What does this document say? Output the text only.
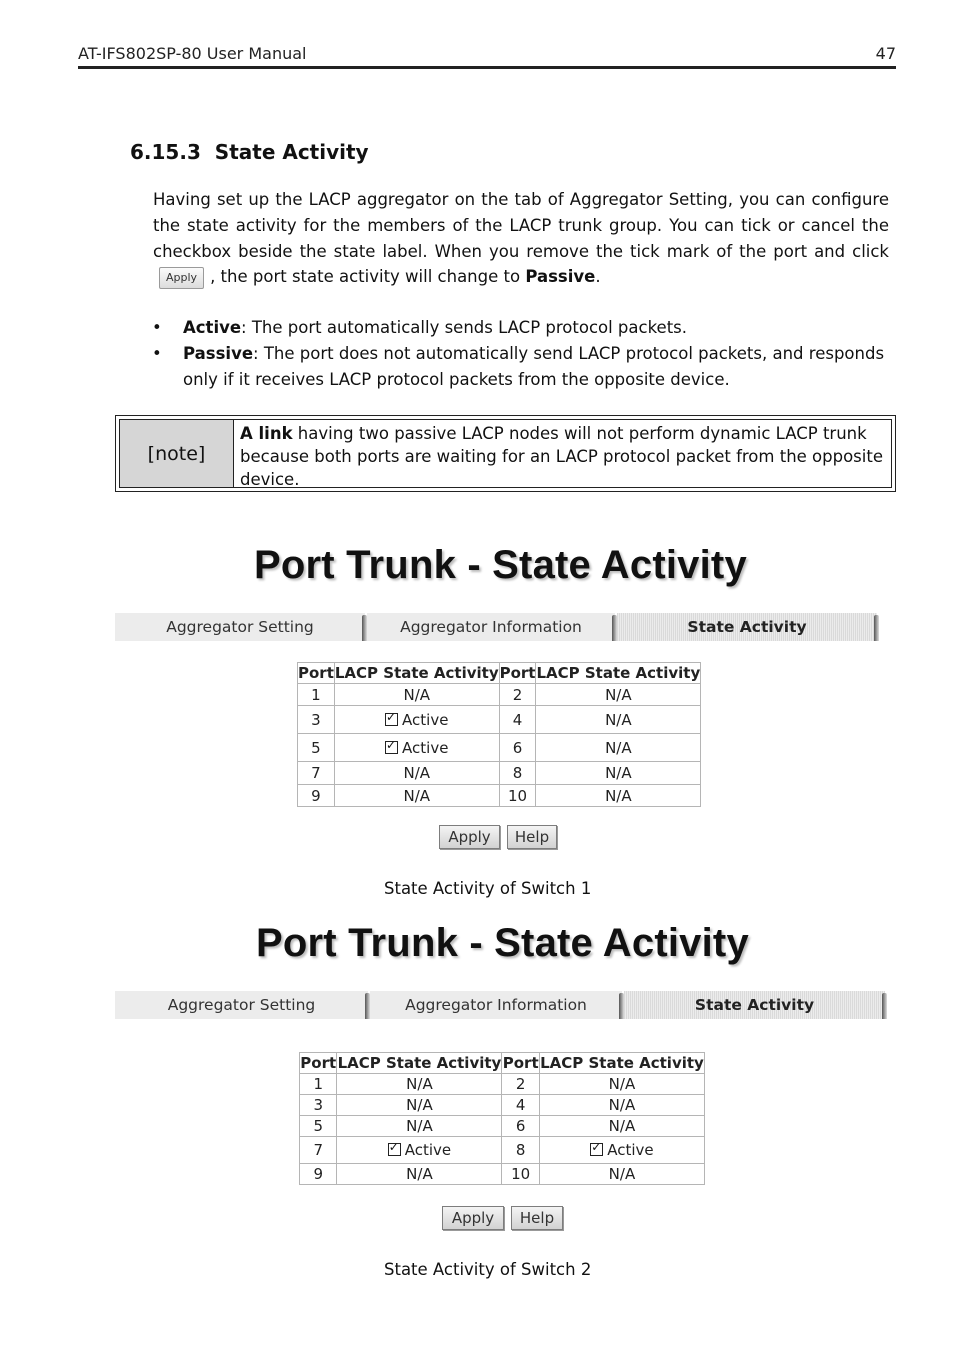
AT-IFS802SP-80 User Manual	47
6.15.3 State Activity
Having set up the LACP aggregator on the tab of Aggregator Setting, you can configure the state activity for the members of the LACP trunk group. You can tick or cancel the checkbox beside the state label. When you remove the tick mark of the port and clickApply , the port state activity will change to Passive.
• Active: The port automatically sends LACP protocol packets.
• Passive: The port does not automatically send LACP protocol packets, and responds only if it receives LACP protocol packets from the opposite device.
[note]
A link having two passive LACP nodes will not perform dynamic LACP trunk because both ports are waiting for an LACP protocol packet from the opposite device.
Port Trunk - State Activity
Aggregator Setting	Aggregator Information	State Activity
Port	LACP State Activity	Port	LACP State Activity
1	N/A	2	N/A
3	✓Active	4	N/A
5	✓Active	6	N/A
7	N/A	8	N/A
9	N/A	10	N/A
Apply	Help
State Activity of Switch 1
Port Trunk - State Activity
Aggregator Setting	Aggregator Information	State Activity
Port	LACP State Activity	Port	LACP State Activity
1	N/A	2	N/A
3	N/A	4	N/A
5	N/A	6	N/A
7	✓Active	8	✓Active
9	N/A	10	N/A
Apply	Help
State Activity of Switch 2
